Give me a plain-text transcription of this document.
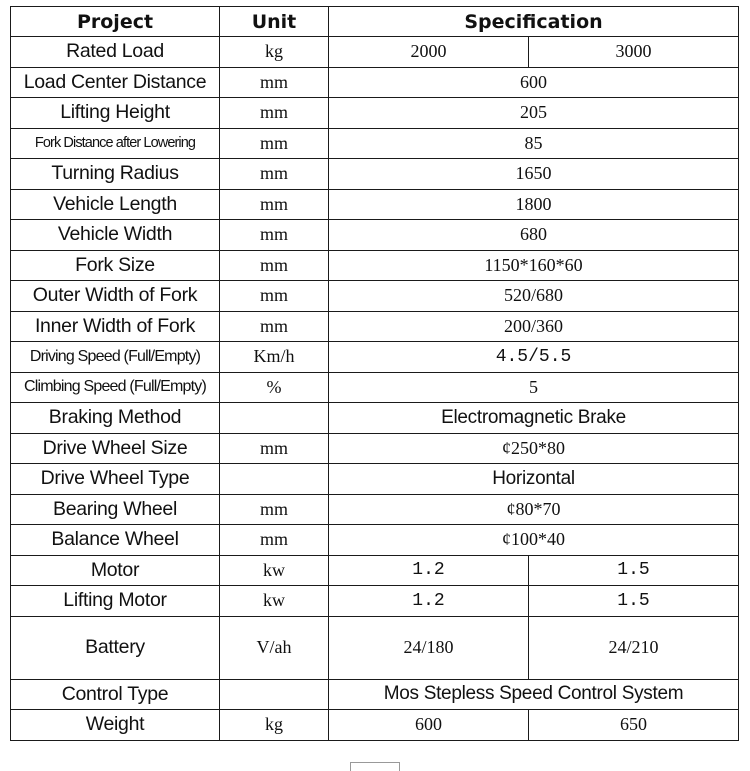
Project	Unit	Specification	
Rated Load	kg	2000	3000
Load Center Distance	mm	600	
Lifting Height	mm	205	
Fork Distance after Lowering	mm	85	
Turning Radius	mm	1650	
Vehicle Length	mm	1800	
Vehicle Width	mm	680	
Fork Size	mm	1150*160*60	
Outer Width of Fork	mm	520/680	
Inner Width of Fork	mm	200/360	
Driving Speed (Full/Empty)	Km/h	4.5/5.5	
Climbing Speed (Full/Empty)	%	5	
Braking Method		Electromagnetic Brake	
Drive Wheel Size	mm	¢250*80	
Drive Wheel Type		Horizontal	
Bearing Wheel	mm	¢80*70	
Balance Wheel	mm	¢100*40	
Motor	kw	1.2	1.5
Lifting Motor	kw	1.2	1.5
Battery	V/ah	24/180	24/210
Control Type		Mos Stepless Speed Control System	
Weight	kg	600	650
